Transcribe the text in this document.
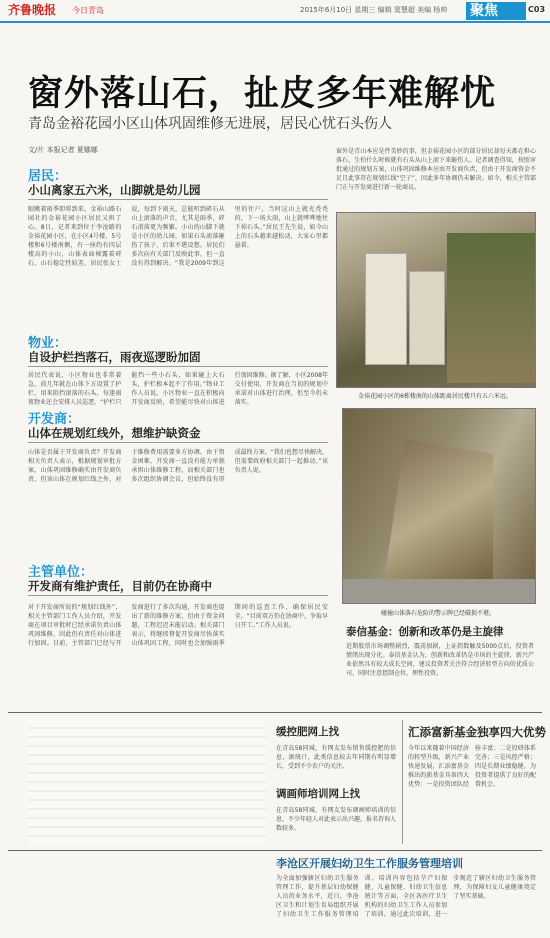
齐鲁晚报	今日青岛	2015年6月10日 星期三 编辑 窦慧超 美编 杨帅 聚焦	C03
窗外落山石，扯皮多年难解忧
青岛金裕花园小区山体巩固维修无进展，居民心忧石头伤人
文/片 本报记者 夏娜娜	窗外是青山本应是件美妙的事，但金裕花园小区的部分居民却每天都在担心落石，生怕什么时候就有石头从山上滚下来砸伤人。记者调查得知，按照审批通过的规划方案，山体巩固维修本应由开发商负责，但由于开发商资金不足且此事存在规划红线“空子”，因此多年协调仍未解决。如今，相关主管部门正与开发商进行新一轮商议。
金裕花园小区的6栋楼南的山体距离居民楼只有五六米远。
碰撞山体落石危险的警示牌已经破损不堪。
居民：
小山离家五六米，山脚就是幼儿园
眼瞅着雨季即将到来，金裕山路石园社的金裕花园小区居民又担了心。8日，记者来到位于李沧路的金裕花园小区，在小区4号楼、5号楼和6号楼南侧，有一座约有四层楼高的小山，山体表面裸露着碎石，山石稳定性较差。居民张女士说，每到下雨天，总能听到碎石从山上滚落的声音，尤其是雨季，碎石滑落更为频繁。小山的山脚下就是小区的幼儿园，如果石头滚落砸伤了孩子，后果不堪设想。居民们多次向有关部门反映此事，但一直没有得到解决。“我是2009年到这里的住户，当时这山上就光秃秃的，下一场大雨，山上就哗哗地往下掉石头。”居民王先生说，如今山上的石头越来越松动，大家心里都悬着。
物业：
自设护栏挡落石，雨夜巡逻盼加固
居民代表说，小区物业也非常着急，前几年就在山体下方设置了护栏，用来阻挡滚落的石头，每逢雨夜物业还会安排人员巡逻。“护栏只能挡一些小石头，如果碰上大石头，护栏根本起不了作用。”物业工作人员说，小区物业一直在积极向开发商反映，希望能尽快对山体进行加固维修。据了解，小区2008年交付使用，开发商在当初的规划中承诺对山体进行治理，但至今仍未落实。
开发商：
山体在规划红线外，想维护缺资金
山体是否属于开发商负责？开发商相关负责人表示，根据规划审批方案，山体巩固维修确实由开发商负责，但该山体在规划红线之外，对于维修费用需要多方协调。由于资金困难，开发商一直没有能力单独承担山体维修工程，而相关部门也多次组织协调会议，但始终没有形成最终方案。“我们也想尽快解决，但需要政府相关部门一起推动。”该负责人说。
主管单位：
开发商有维护责任，目前仍在协商中
对于开发商所说的“规划红线外”，相关主管部门工作人员介绍，开发商在项目审批时已经承诺负责山体巩固维修，因此仍有责任对山体进行加固。目前，主管部门已经与开发商进行了多次沟通，开发商也提出了新的维修方案，但由于资金问题，工程迟迟未能启动。相关部门表示，将继续督促开发商尽快落实山体巩固工程，同时也会加强雨季期间的巡查工作，确保居民安全。“目前双方仍在协商中，争取早日开工。”工作人员说。
泰信基金：创新和改革仍是主旋律
近期股票市场调整剧烈，震荡加剧，上证指数触及5000点后，投资者情绪出现分化。泰信基金认为，创新和改革仍是市场的主旋律，新兴产业依然具有较大成长空间，建议投资者关注符合经济转型方向的优质公司，同时注意控制仓位，理性投资。
缓控肥网上找
在青岛58同城，有网友发布销售缓控肥的信息，据统计，此类信息较去年同期有明显增长，受到不少农户的关注。
调画师培训网上找
在青岛58同城，有网友发布调画师培训的信息，不少年轻人对此表示出兴趣，报名咨询人数较多。
汇添富新基金独享四大优势
今年以来随着中国经济的转型升级，新兴产业快速发展，汇添富基金推出的新基金具备四大优势：一是投资团队经验丰富；二是投研体系完善；三是风控严格；四是长期业绩稳健，为投资者提供了良好的配置机会。
李沧区开展妇幼卫生工作服务管理培训
为全面加强辖区妇幼卫生服务管理工作，提升基层妇幼保健人员的业务水平，近日，李沧区卫生和计划生育局组织开展了妇幼卫生工作服务管理培训。培训内容包括孕产妇保健、儿童保健、妇幼卫生信息统计等方面，全区各医疗卫生机构的妇幼卫生工作人员参加了培训。通过此次培训，进一步规范了辖区妇幼卫生服务管理，为保障妇女儿童健康奠定了坚实基础。
